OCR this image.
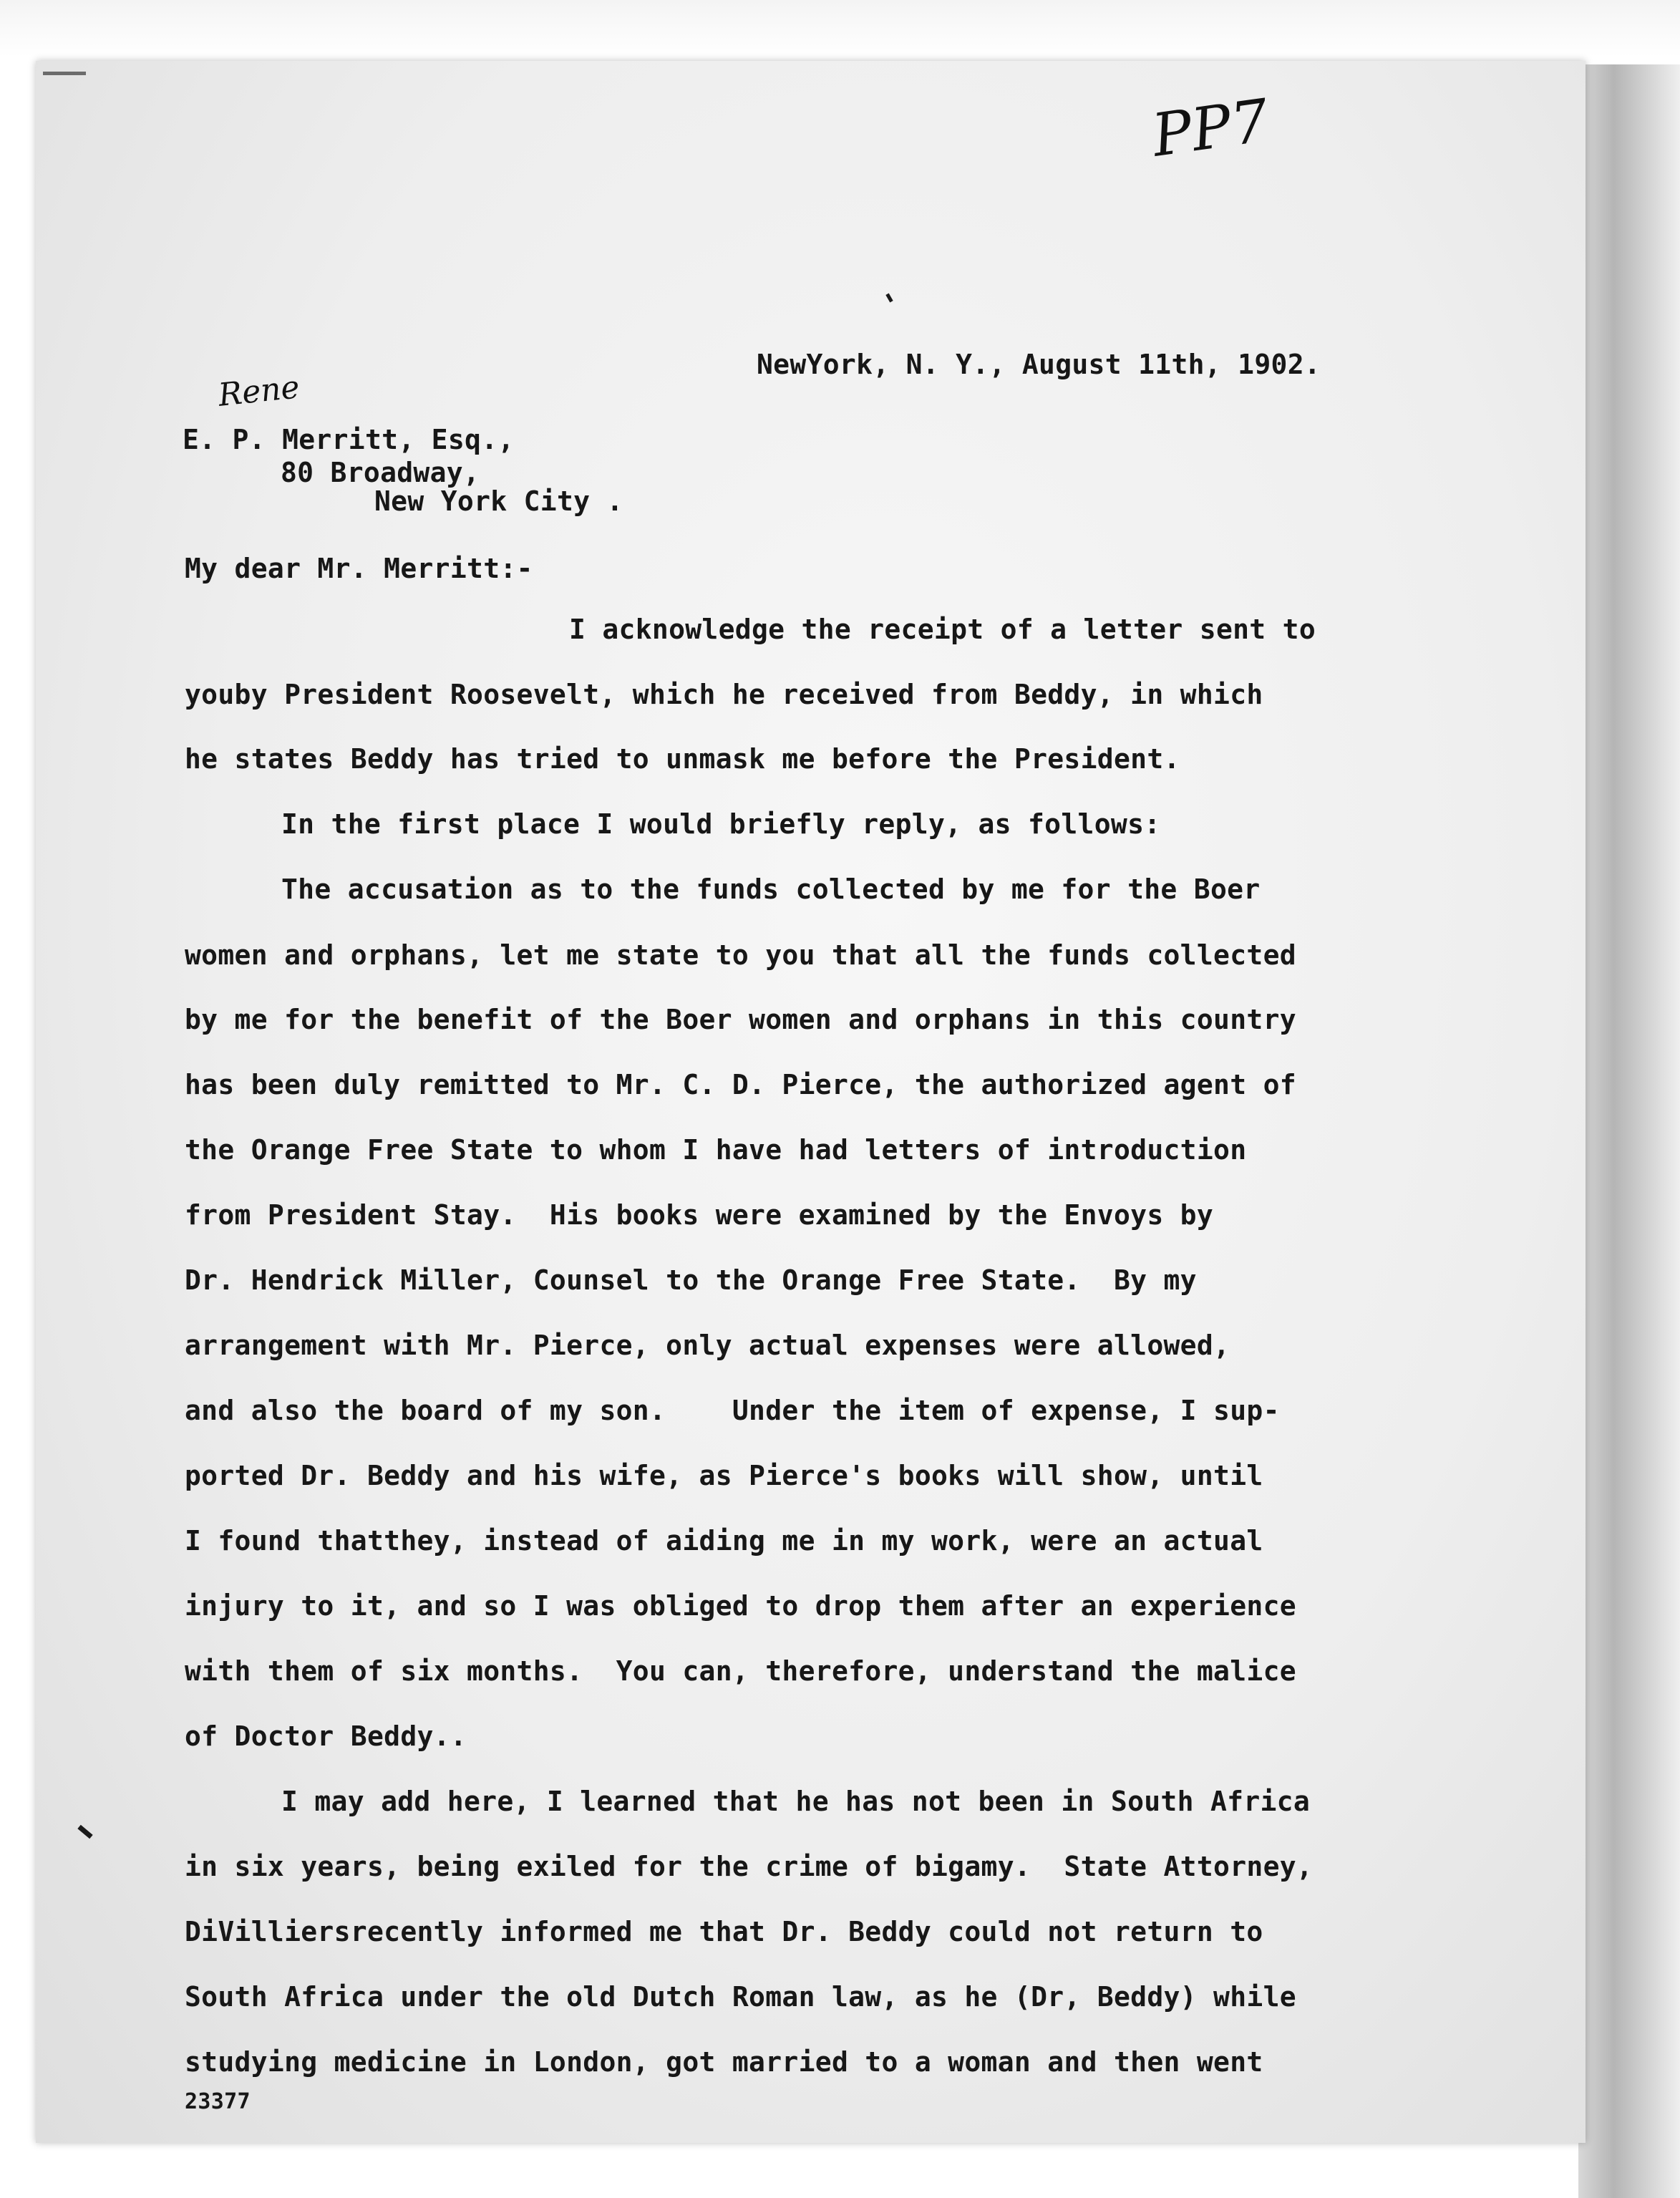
PP7
Rene

NewYork, N. Y., August 11th, 1902.

E. P. Merritt, Esq.,

80 Broadway,

New York City .

My dear Mr. Merritt:-

I acknowledge the receipt of a letter sent to

youby President Roosevelt, which he received from Beddy, in which

he states Beddy has tried to unmask me before the President.

In the first place I would briefly reply, as follows:

The accusation as to the funds collected by me for the Boer

women and orphans, let me state to you that all the funds collected

by me for the benefit of the Boer women and orphans in this country

has been duly remitted to Mr. C. D. Pierce, the authorized agent of

the Orange Free State to whom I have had letters of introduction

from President Stay.  His books were examined by the Envoys by

Dr. Hendrick Miller, Counsel to the Orange Free State.  By my

arrangement with Mr. Pierce, only actual expenses were allowed,

and also the board of my son.    Under the item of expense, I sup-

ported Dr. Beddy and his wife, as Pierce's books will show, until

I found thatthey, instead of aiding me in my work, were an actual

injury to it, and so I was obliged to drop them after an experience

with them of six months.  You can, therefore, understand the malice

of Doctor Beddy..

I may add here, I learned that he has not been in South Africa

in six years, being exiled for the crime of bigamy.  State Attorney,

DiVilliersrecently informed me that Dr. Beddy could not return to

South Africa under the old Dutch Roman law, as he (Dr, Beddy) while

studying medicine in London, got married to a woman and then went

23377
